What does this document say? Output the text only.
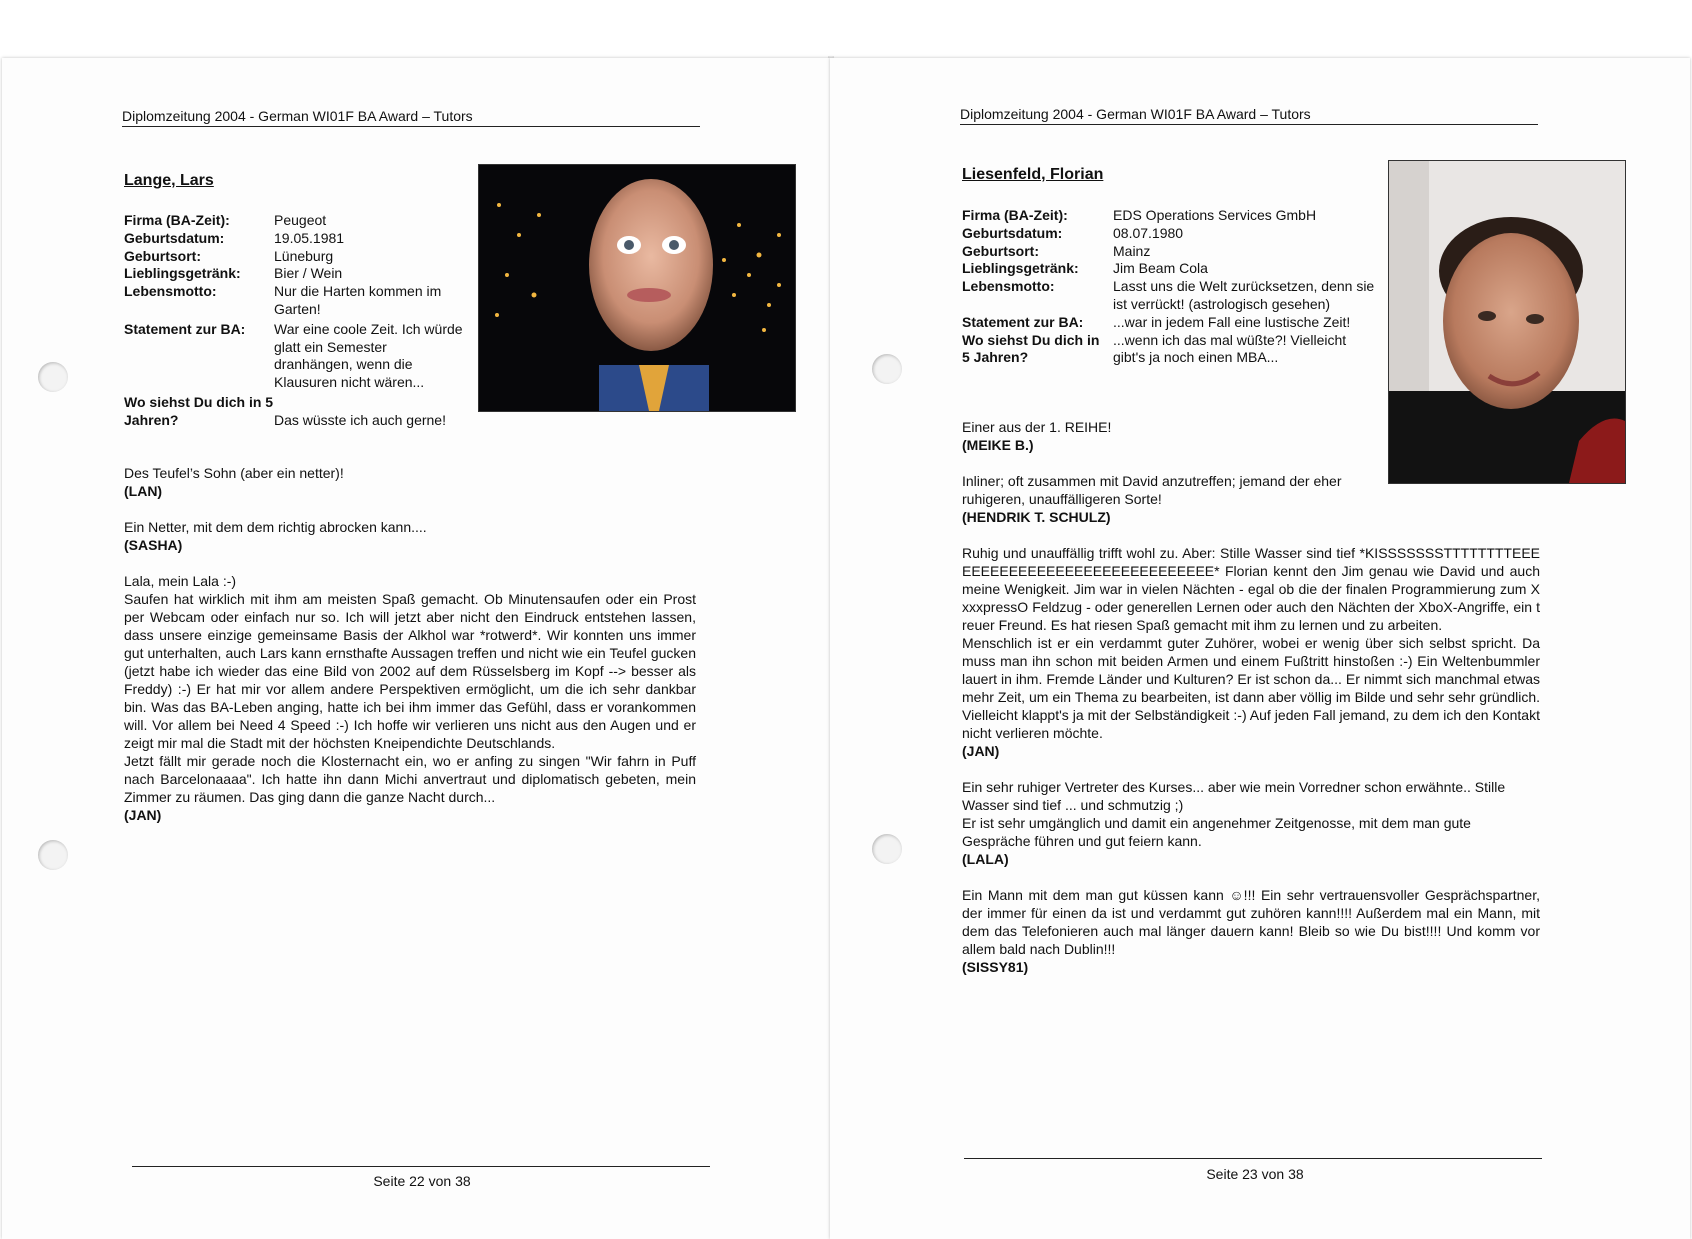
Diplomzeitung 2004 - German WI01F BA Award – Tutors
Lange, Lars
Firma (BA-Zeit):	Peugeot
Geburtsdatum:	19.05.1981
Geburtsort:	Lüneburg
Lieblingsgetränk:	Bier / Wein
Lebensmotto:	Nur die Harten kommen im Garten!
Statement zur BA:	War eine coole Zeit. Ich würde glatt ein Semester dranhängen, wenn die Klausuren nicht wären...
Wo siehst Du dich in 5 Jahren?	Das wüsste ich auch gerne!

Des Teufel’s Sohn (aber ein netter)!
(LAN)

Ein Netter, mit dem dem richtig abrocken kann....
(SASHA)

Lala, mein Lala :-)
Saufen hat wirklich mit ihm am meisten Spaß gemacht. Ob Minutensaufen oder ein Prost per Webcam oder einfach nur so. Ich will jetzt aber nicht den Eindruck entstehen lassen, dass unsere einzige gemeinsame Basis der Alkhol war *rotwerd*. Wir konnten uns immer gut unterhalten, auch Lars kann ernsthafte Aussagen treffen und nicht wie ein Teufel gucken (jetzt habe ich wieder das eine Bild von 2002 auf dem Rüsselsberg im Kopf --> besser als Freddy) :-) Er hat mir vor allem andere Perspektiven ermöglicht, um die ich sehr dankbar bin. Was das BA-Leben anging, hatte ich bei ihm immer das Gefühl, dass er vorankommen will. Vor allem bei Need 4 Speed :-) Ich hoffe wir verlieren uns nicht aus den Augen und er zeigt mir mal die Stadt mit der höchsten Kneipendichte Deutschlands.
Jetzt fällt mir gerade noch die Klosternacht ein, wo er anfing zu singen "Wir fahrn in Puff nach Barcelonaaaa". Ich hatte ihn dann Michi anvertraut und diplomatisch gebeten, mein Zimmer zu räumen. Das ging dann die ganze Nacht durch...
(JAN)

Seite 22 von 38
Diplomzeitung 2004 - German WI01F BA Award – Tutors
Liesenfeld, Florian
Firma (BA-Zeit):	EDS Operations Services GmbH
Geburtsdatum:	08.07.1980
Geburtsort:	Mainz
Lieblingsgetränk:	Jim Beam Cola
Lebensmotto:	Lasst uns die Welt zurücksetzen, denn sie ist verrückt! (astrologisch gesehen)
Statement zur BA:	...war in jedem Fall eine lustische Zeit!
Wo siehst Du dich in 5 Jahren?
...wenn ich das mal wüßte?! Vielleicht gibt's ja noch einen MBA...

Einer aus der 1. REIHE!
(MEIKE B.)

Inliner; oft zusammen mit David anzutreffen; jemand der eher ruhigeren, unauffälligeren Sorte!
(HENDRIK T. SCHULZ)

Ruhig und unauffällig trifft wohl zu. Aber: Stille Wasser sind tief *KISSSSSSSTTTTTTTTEEEEEEEEEEEEEEEEEEEEEEEEEEEEEE* Florian kennt den Jim genau wie David und auch meine Wenigkeit. Jim war in vielen Nächten - egal ob die der finalen Programmierung zum XxxxpressO Feldzug - oder generellen Lernen oder auch den Nächten der XboX-Angriffe, ein treuer Freund. Es hat riesen Spaß gemacht mit ihm zu lernen und zu arbeiten.
Menschlich ist er ein verdammt guter Zuhörer, wobei er wenig über sich selbst spricht. Da muss man ihn schon mit beiden Armen und einem Fußtritt hinstoßen :-) Ein Weltenbummler lauert in ihm. Fremde Länder und Kulturen? Er ist schon da... Er nimmt sich manchmal etwas mehr Zeit, um ein Thema zu bearbeiten, ist dann aber völlig im Bilde und sehr sehr gründlich. Vielleicht klappt's ja mit der Selbständigkeit :-) Auf jeden Fall jemand, zu dem ich den Kontakt nicht verlieren möchte.
(JAN)

Ein sehr ruhiger Vertreter des Kurses... aber wie mein Vorredner schon erwähnte.. Stille Wasser sind tief ... und schmutzig ;)
Er ist sehr umgänglich und damit ein angenehmer Zeitgenosse, mit dem man gute Gespräche führen und gut feiern kann.
(LALA)

Ein Mann mit dem man gut küssen kann ☺!!! Ein sehr vertrauensvoller Gesprächspartner, der immer für einen da ist und verdammt gut zuhören kann!!!! Außerdem mal ein Mann, mit dem das Telefonieren auch mal länger dauern kann! Bleib so wie Du bist!!!! Und komm vor allem bald nach Dublin!!!
(SISSY81)

Seite 23 von 38
